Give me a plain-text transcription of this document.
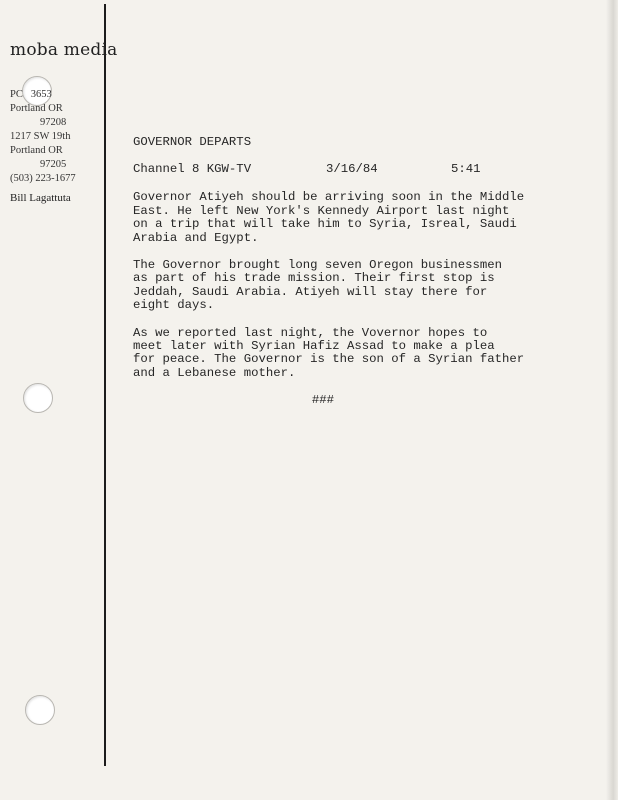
moba media
PC   3653
Portland OR
97208
1217 SW 19th
Portland OR
97205
(503) 223-1677
Bill Lagattuta
GOVERNOR DEPARTS
Channel 8 KGW-TV	3/16/84	5:41

Governor Atiyeh should be arriving soon in the Middle
East. He left New York's Kennedy Airport last night
on a trip that will take him to Syria, Isreal, Saudi
Arabia and Egypt.

The Governor brought long seven Oregon businessmen
as part of his trade mission. Their first stop is
Jeddah, Saudi Arabia. Atiyeh will stay there for
eight days.

As we reported last night, the Vovernor hopes to
meet later with Syrian Hafiz Assad to make a plea
for peace. The Governor is the son of a Syrian father
and a Lebanese mother.

###
